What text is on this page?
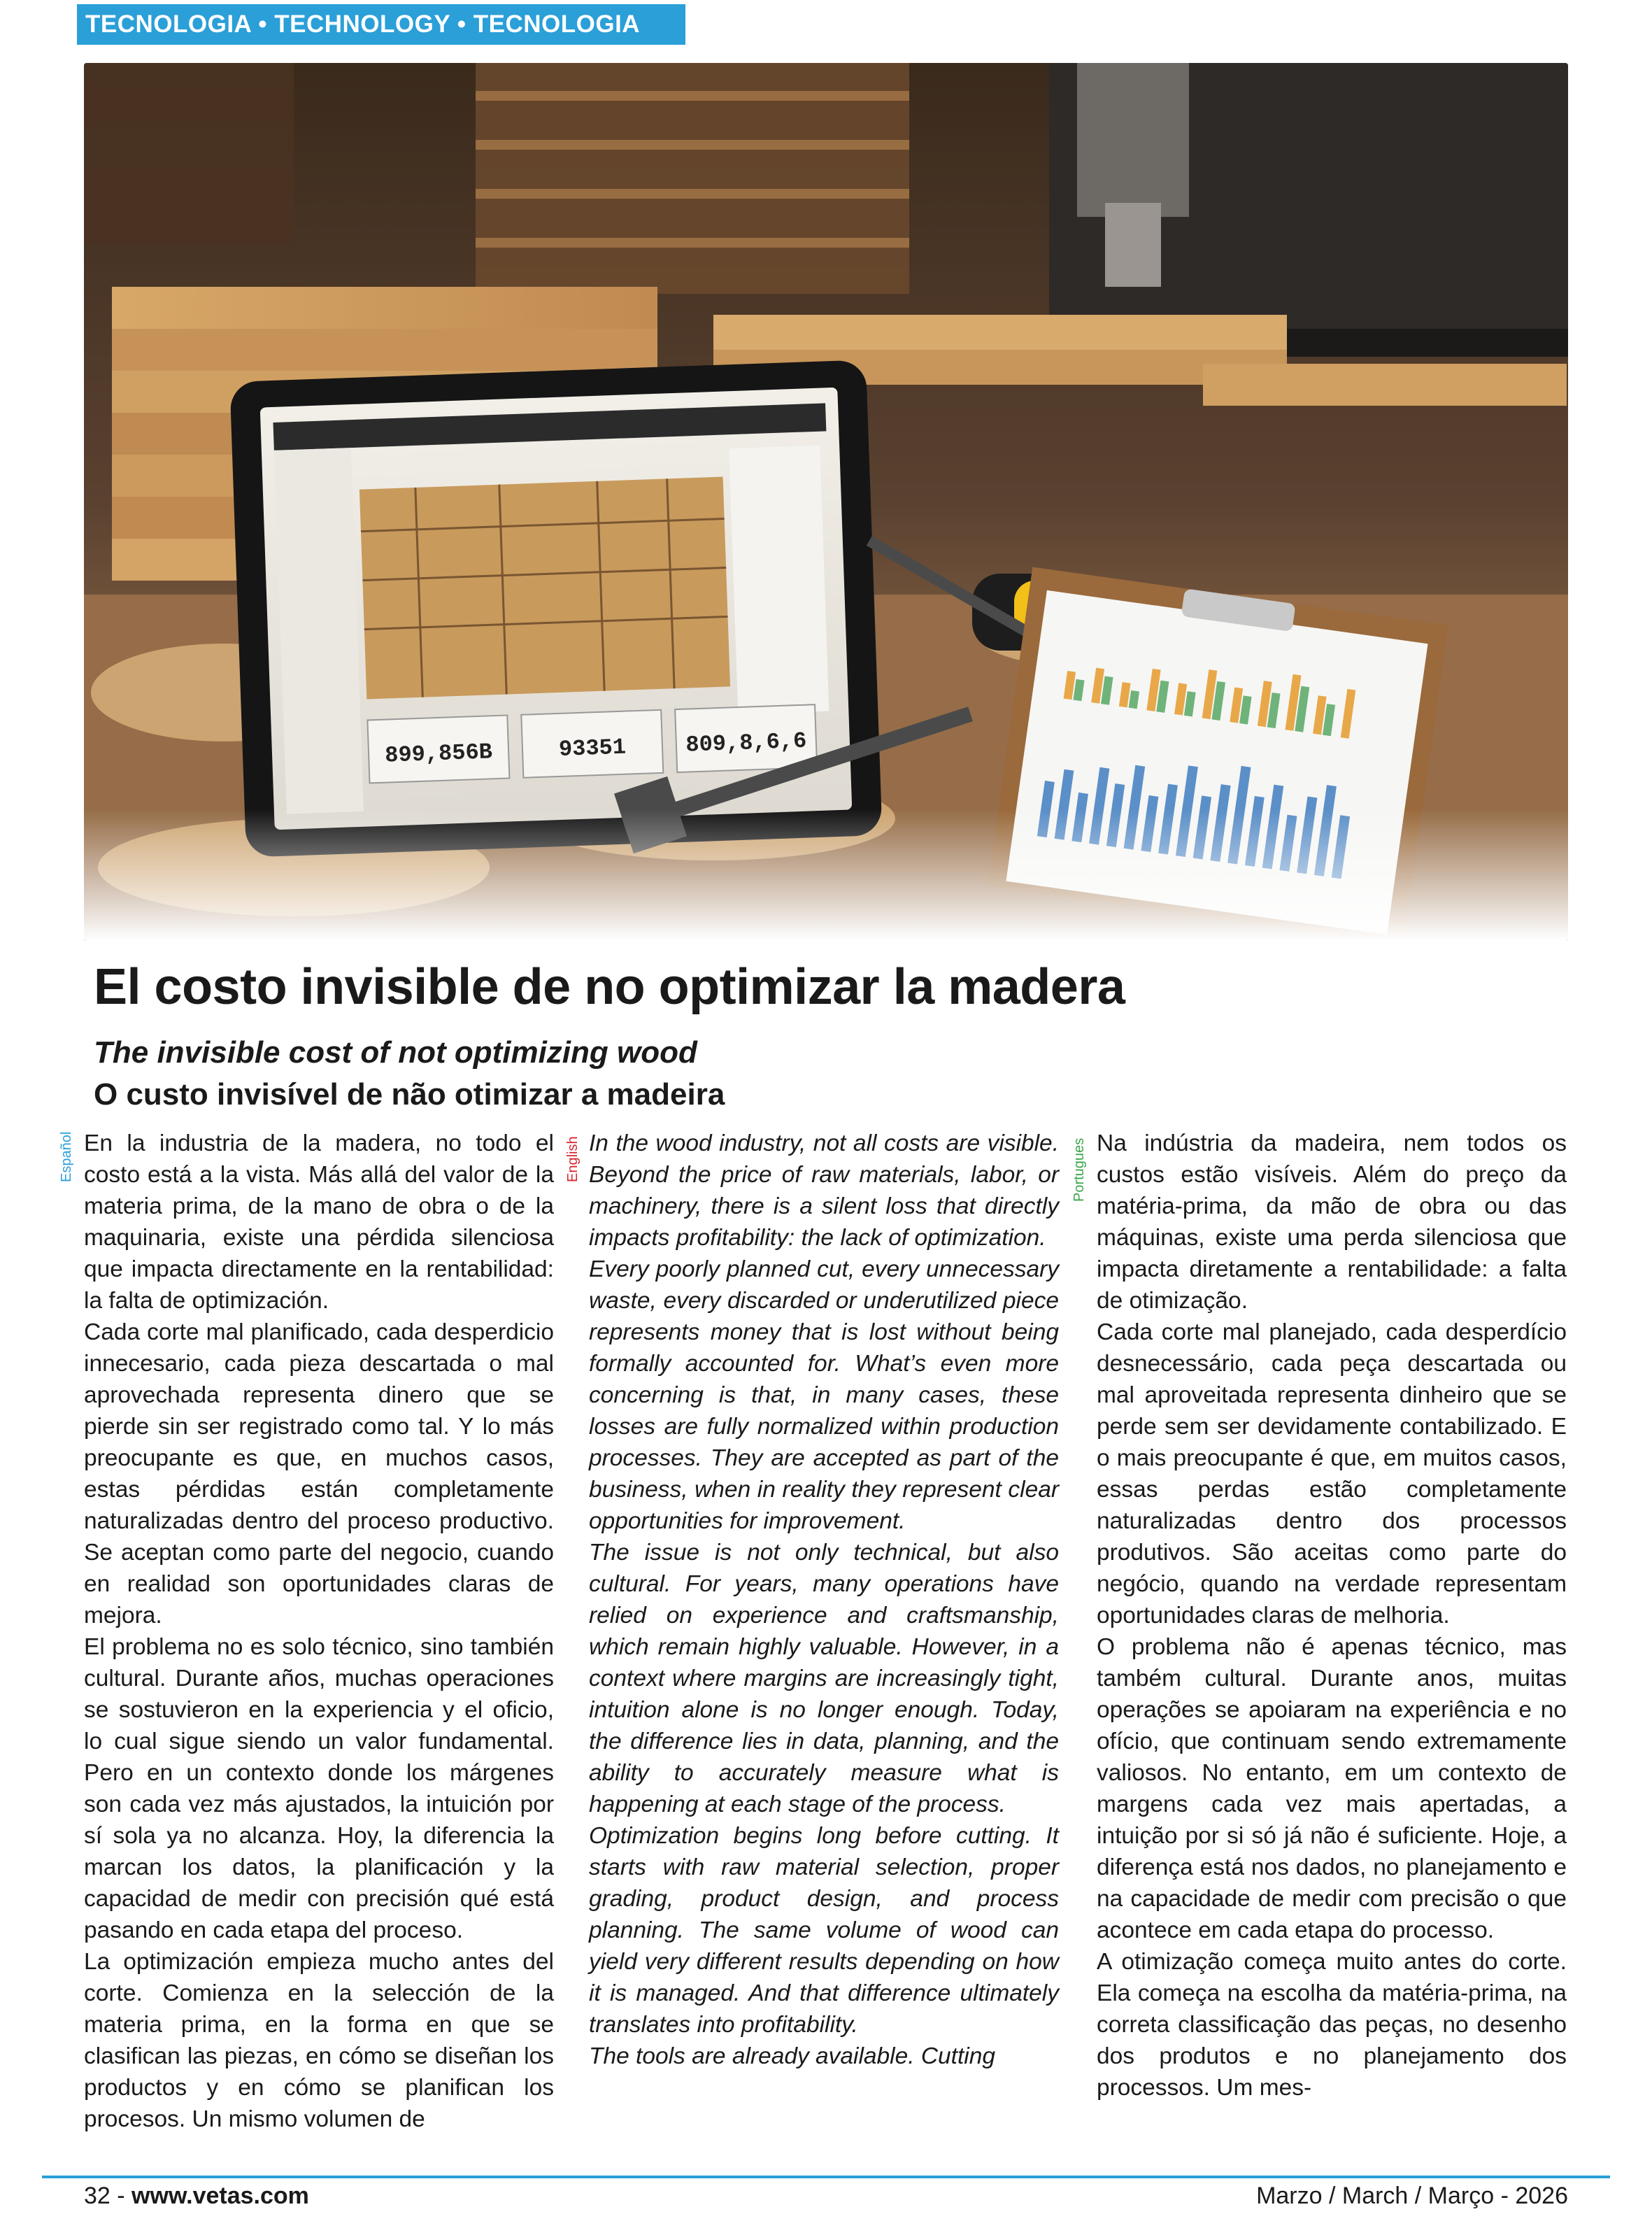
TECNOLOGIA • TECHNOLOGY • TECNOLOGIA
El costo invisible de no optimizar la madera
The invisible cost of not optimizing wood
O custo invisível de não otimizar a madeira
Español	English	Portugues

En la industria de la madera, no todo el costo está a la vista. Más allá del valor de la materia prima, de la mano de obra o de la maquinaria, existe una pérdida silenciosa que impacta directamente en la rentabilidad: la falta de optimización.

Cada corte mal planificado, cada desperdicio innecesario, cada pieza descartada o mal aprovechada representa dinero que se pierde sin ser registrado como tal. Y lo más preocupante es que, en muchos casos, estas pérdidas están completamente naturalizadas dentro del proceso productivo. Se aceptan como parte del negocio, cuando en realidad son oportunidades claras de mejora.

El problema no es solo técnico, sino también cultural. Durante años, muchas operaciones se sostuvieron en la experiencia y el oficio, lo cual sigue siendo un valor fundamental. Pero en un contexto donde los márgenes son cada vez más ajustados, la intuición por sí sola ya no alcanza. Hoy, la diferencia la marcan los datos, la planificación y la capacidad de medir con precisión qué está pasando en cada etapa del proceso.

La optimización empieza mucho antes del corte. Comienza en la selección de la materia prima, en la forma en que se clasifican las piezas, en cómo se diseñan los productos y en cómo se planifican los procesos. Un mismo volumen de

In the wood industry, not all costs are visible. Beyond the price of raw materials, labor, or machinery, there is a silent loss that directly impacts profitability: the lack of optimization.

Every poorly planned cut, every unnecessary waste, every discarded or underutilized piece represents money that is lost without being formally accounted for. What’s even more concerning is that, in many cases, these losses are fully normalized within production processes. They are accepted as part of the business, when in reality they represent clear opportunities for improvement.

The issue is not only technical, but also cultural. For years, many operations have relied on experience and craftsmanship, which remain highly valuable. However, in a context where margins are increasingly tight, intuition alone is no longer enough. Today, the difference lies in data, planning, and the ability to accurately measure what is happening at each stage of the process.

Optimization begins long before cutting. It starts with raw material selection, proper grading, product design, and process planning. The same volume of wood can yield very different results depending on how it is managed. And that difference ultimately translates into profitability.

The tools are already available. Cutting

Na indústria da madeira, nem todos os custos estão visíveis. Além do preço da matéria-prima, da mão de obra ou das máquinas, existe uma perda silenciosa que impacta diretamente a rentabilidade: a falta de otimização.

Cada corte mal planejado, cada desperdício desnecessário, cada peça descartada ou mal aproveitada representa dinheiro que se perde sem ser devidamente contabilizado. E o mais preocupante é que, em muitos casos, essas perdas estão completamente naturalizadas dentro dos processos produtivos. São aceitas como parte do negócio, quando na verdade representam oportunidades claras de melhoria.

O problema não é apenas técnico, mas também cultural. Durante anos, muitas operações se apoiaram na experiência e no ofício, que continuam sendo extremamente valiosos. No entanto, em um contexto de margens cada vez mais apertadas, a intuição por si só já não é suficiente. Hoje, a diferença está nos dados, no planejamento e na capacidade de medir com precisão o que acontece em cada etapa do processo.

A otimização começa muito antes do corte. Ela começa na escolha da matéria-prima, na correta classificação das peças, no desenho dos produtos e no planejamento dos processos. Um mes-

32 - www.vetas.com	Marzo / March / Março - 2026
